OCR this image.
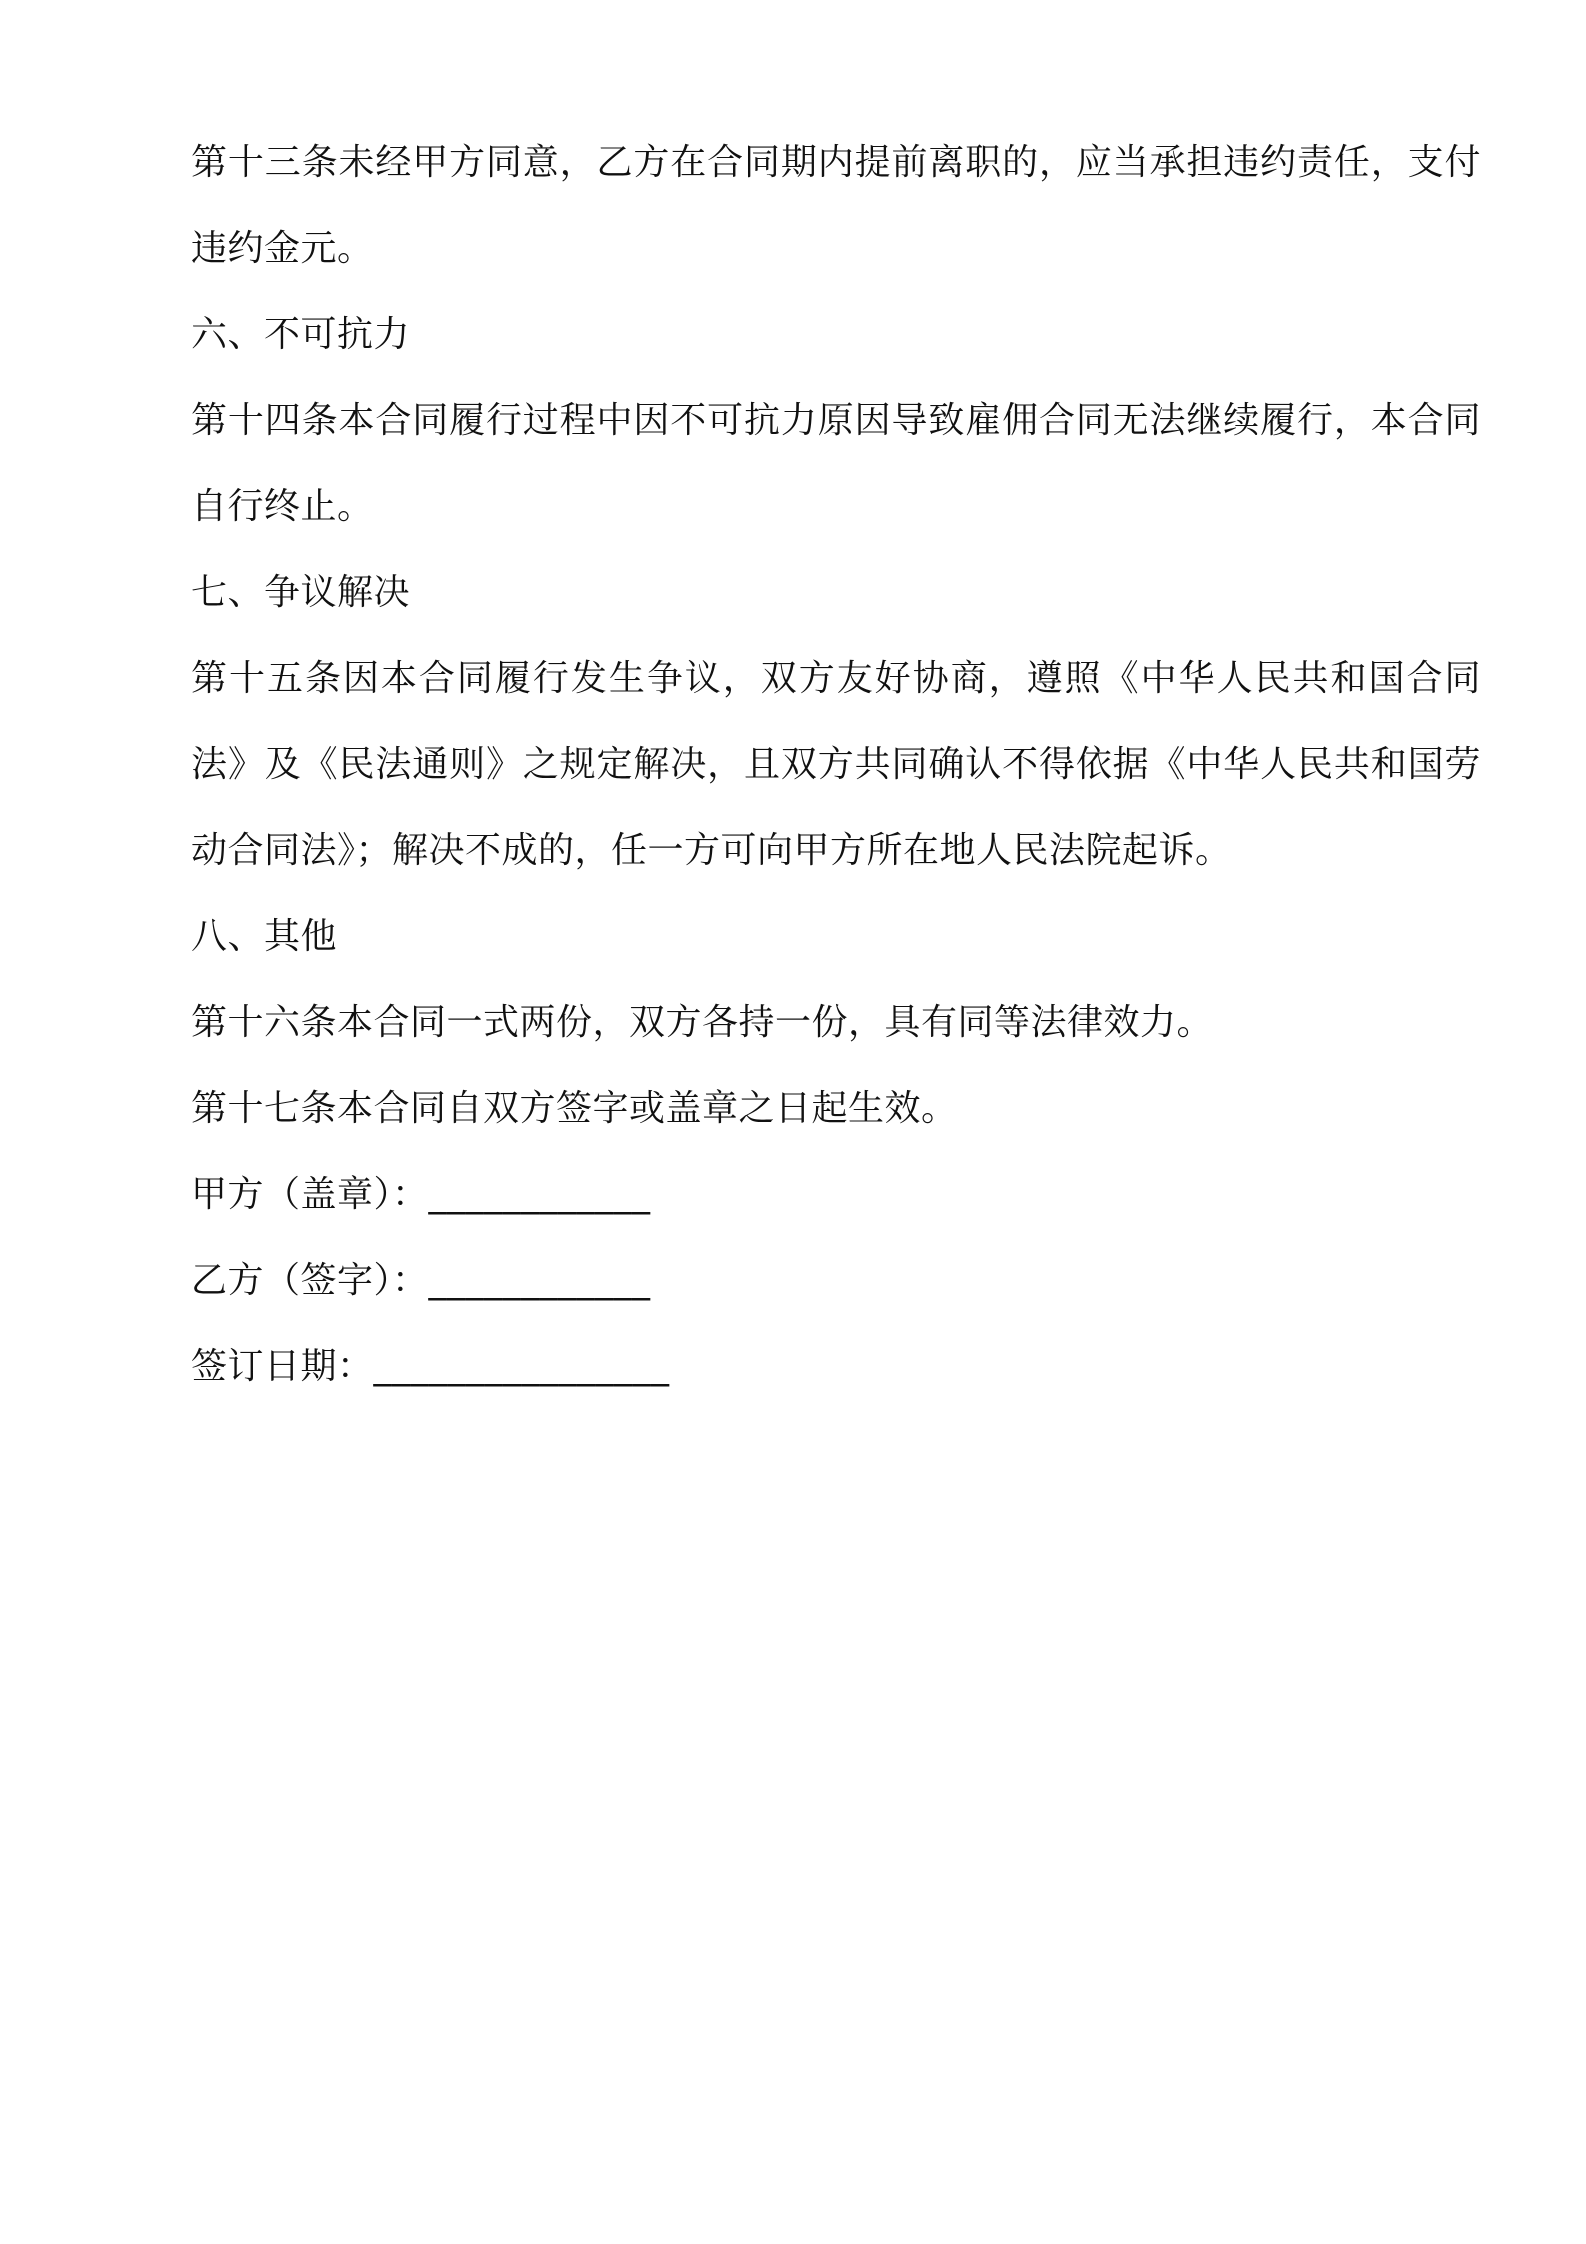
第十三条未经甲方同意，乙方在合同期内提前离职的，应当承担违约责任，支付违约金元。

六、不可抗力

第十四条本合同履行过程中因不可抗力原因导致雇佣合同无法继续履行，本合同自行终止。

七、争议解决

第十五条因本合同履行发生争议，双方友好协商，遵照《中华人民共和国合同法》及《民法通则》之规定解决，且双方共同确认不得依据《中华人民共和国劳动合同法》；解决不成的，任一方可向甲方所在地人民法院起诉。

八、其他

第十六条本合同一式两份，双方各持一份，具有同等法律效力。

第十七条本合同自双方签字或盖章之日起生效。

甲方（盖章）：____________

乙方（签字）：____________

签订日期：________________
